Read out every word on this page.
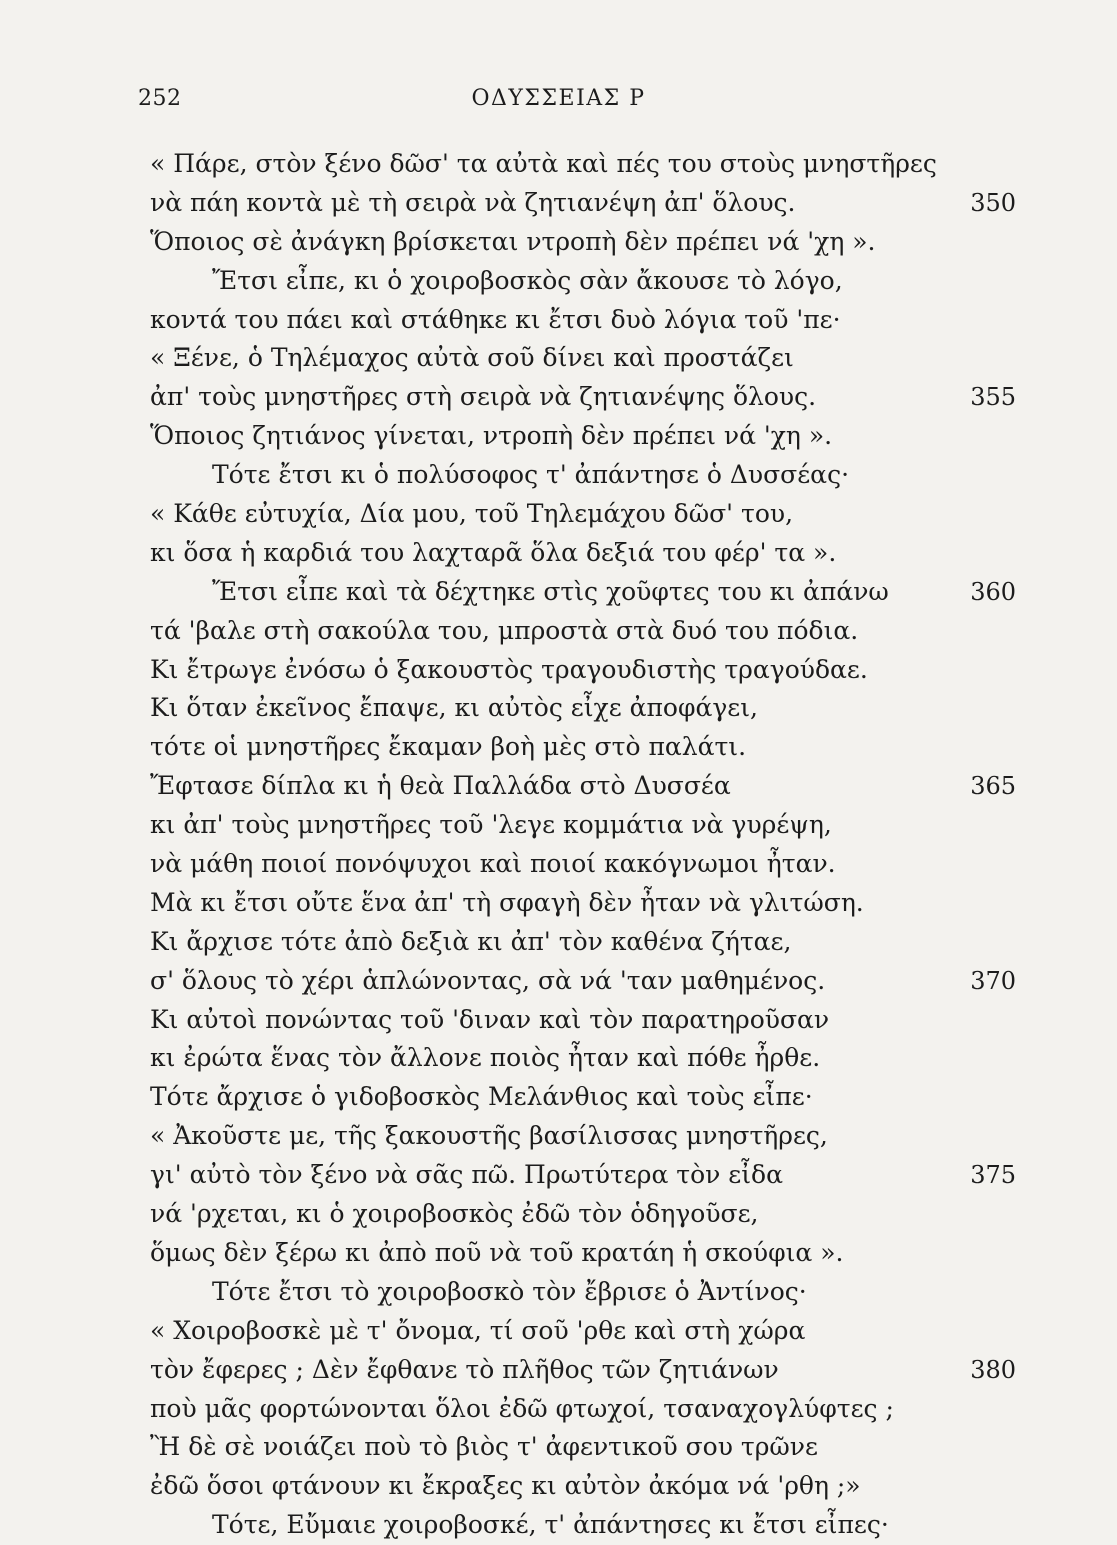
252	ΟΔΥΣΣΕΙΑΣ Ρ
« Πάρε, στὸν ξένο δῶσ' τα αὐτὰ καὶ πές του στοὺς μνηστῆρες
νὰ πάη κοντὰ μὲ τὴ σειρὰ νὰ ζητιανέψη ἀπ' ὅλους.	350
Ὅποιος σὲ ἀνάγκη βρίσκεται ντροπὴ δὲν πρέπει νά 'χη ».
Ἔτσι εἶπε, κι ὁ χοιροβοσκὸς σὰν ἄκουσε τὸ λόγο,
κοντά του πάει καὶ στάθηκε κι ἔτσι δυὸ λόγια τοῦ 'πε·
« Ξένε, ὁ Τηλέμαχος αὐτὰ σοῦ δίνει καὶ προστάζει
ἀπ' τοὺς μνηστῆρες στὴ σειρὰ νὰ ζητιανέψης ὅλους.	355
Ὅποιος ζητιάνος γίνεται, ντροπὴ δὲν πρέπει νά 'χη ».
Τότε ἔτσι κι ὁ πολύσοφος τ' ἀπάντησε ὁ Δυσσέας·
« Κάθε εὐτυχία, Δία μου, τοῦ Τηλεμάχου δῶσ' του,
κι ὅσα ἡ καρδιά του λαχταρᾶ ὅλα δεξιά του φέρ' τα ».
Ἔτσι εἶπε καὶ τὰ δέχτηκε στὶς χοῦφτες του κι ἀπάνω	360
τά 'βαλε στὴ σακούλα του, μπροστὰ στὰ δυό του πόδια.
Κι ἔτρωγε ἐνόσω ὁ ξακουστὸς τραγουδιστὴς τραγούδαε.
Κι ὅταν ἐκεῖνος ἔπαψε, κι αὐτὸς εἶχε ἀποφάγει,
τότε οἱ μνηστῆρες ἔκαμαν βοὴ μὲς στὸ παλάτι.
Ἔφτασε δίπλα κι ἡ θεὰ Παλλάδα στὸ Δυσσέα	365
κι ἀπ' τοὺς μνηστῆρες τοῦ 'λεγε κομμάτια νὰ γυρέψη,
νὰ μάθη ποιοί πονόψυχοι καὶ ποιοί κακόγνωμοι ἦταν.
Μὰ κι ἔτσι οὔτε ἕνα ἀπ' τὴ σφαγὴ δὲν ἦταν νὰ γλιτώση.
Κι ἄρχισε τότε ἀπὸ δεξιὰ κι ἀπ' τὸν καθένα ζήταε,
σ' ὅλους τὸ χέρι ἁπλώνοντας, σὰ νά 'ταν μαθημένος.	370
Κι αὐτοὶ πονώντας τοῦ 'διναν καὶ τὸν παρατηροῦσαν
κι ἐρώτα ἕνας τὸν ἄλλονε ποιὸς ἦταν καὶ πόθε ἦρθε.
Τότε ἄρχισε ὁ γιδοβοσκὸς Μελάνθιος καὶ τοὺς εἶπε·
« Ἀκοῦστε με, τῆς ξακουστῆς βασίλισσας μνηστῆρες,
γι' αὐτὸ τὸν ξένο νὰ σᾶς πῶ. Πρωτύτερα τὸν εἶδα	375
νά 'ρχεται, κι ὁ χοιροβοσκὸς ἐδῶ τὸν ὁδηγοῦσε,
ὅμως δὲν ξέρω κι ἀπὸ ποῦ νὰ τοῦ κρατάη ἡ σκούφια ».
Τότε ἔτσι τὸ χοιροβοσκὸ τὸν ἔβρισε ὁ Ἀντίνος·
« Χοιροβοσκὲ μὲ τ' ὄνομα, τί σοῦ 'ρθε καὶ στὴ χώρα
τὸν ἔφερες ; Δὲν ἔφθανε τὸ πλῆθος τῶν ζητιάνων	380
ποὺ μᾶς φορτώνονται ὅλοι ἐδῶ φτωχοί, τσαναχογλύφτες ;
Ἢ δὲ σὲ νοιάζει ποὺ τὸ βιὸς τ' ἀφεντικοῦ σου τρῶνε
ἐδῶ ὅσοι φτάνουν κι ἔκραξες κι αὐτὸν ἀκόμα νά 'ρθη ;»
Τότε, Εὔμαιε χοιροβοσκέ, τ' ἀπάντησες κι ἔτσι εἶπες·
